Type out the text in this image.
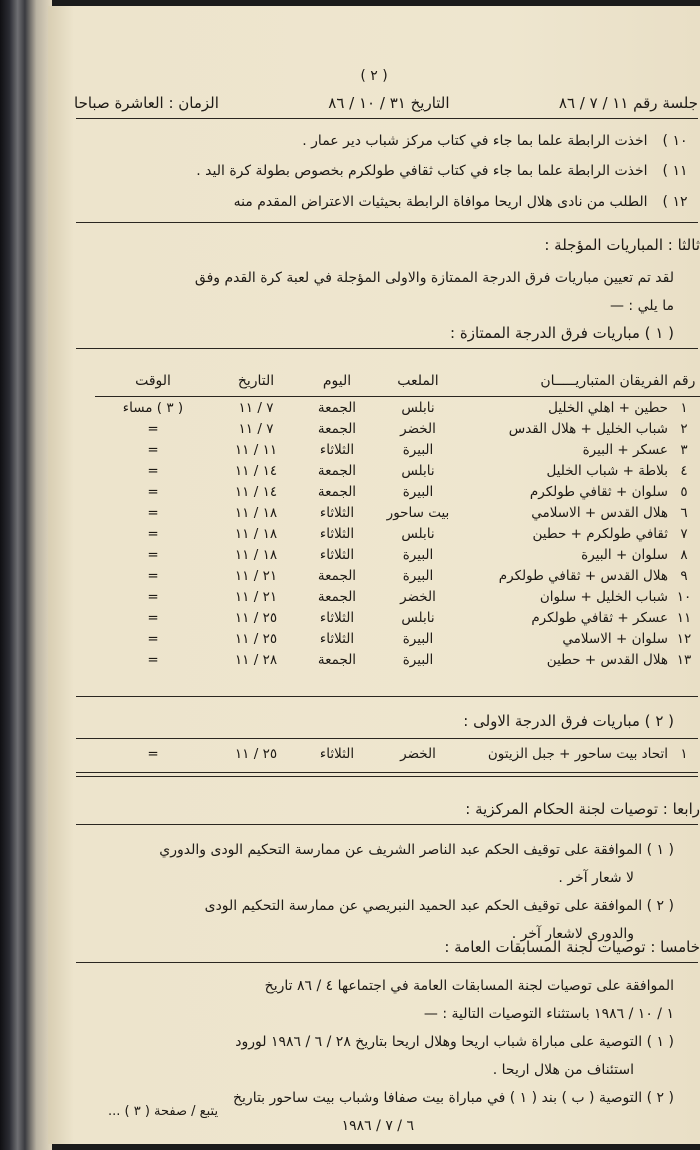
( ٢ )
جلسة رقم ١١ / ٧ / ٨٦
التاريخ ٣١ / ١٠ / ٨٦
الزمان : العاشرة صباحا
١٠ ) اخذت الرابطة علما بما جاء في كتاب مركز شباب دير عمار .
١١ ) اخذت الرابطة علما بما جاء في كتاب ثقافي طولكرم بخصوص بطولة كرة اليد .
١٢ ) الطلب من نادى هلال اريحا موافاة الرابطة بحيثيات الاعتراض المقدم منه
ثالثا : المباريات المؤجلة :
لقد تم تعيين مباريات فرق الدرجة الممتازة والاولى المؤجلة في لعبة كرة القدم وفق
ما يلي : —
( ١ ) مباريات فرق الدرجة الممتازة :
رقم	الفريقان المتباريـــــان	الملعب	اليوم	التاريخ	الوقت
١	حطين + اهلي الخليل	نابلس	الجمعة	٧ / ١١	( ٣ ) مساء
٢	شباب الخليل + هلال القدس	الخضر	الجمعة	٧ / ١١	=
٣	عسكر + البيرة	البيرة	الثلاثاء	١١ / ١١	=
٤	بلاطة + شباب الخليل	نابلس	الجمعة	١٤ / ١١	=
٥	سلوان + ثقافي طولكرم	البيرة	الجمعة	١٤ / ١١	=
٦	هلال القدس + الاسلامي	بيت ساحور	الثلاثاء	١٨ / ١١	=
٧	ثقافي طولكرم + حطين	نابلس	الثلاثاء	١٨ / ١١	=
٨	سلوان + البيرة	البيرة	الثلاثاء	١٨ / ١١	=
٩	هلال القدس + ثقافي طولكرم	البيرة	الجمعة	٢١ / ١١	=
١٠	شباب الخليل + سلوان	الخضر	الجمعة	٢١ / ١١	=
١١	عسكر + ثقافي طولكرم	نابلس	الثلاثاء	٢٥ / ١١	=
١٢	سلوان + الاسلامي	البيرة	الثلاثاء	٢٥ / ١١	=
١٣	هلال القدس + حطين	البيرة	الجمعة	٢٨ / ١١	=
( ٢ ) مباريات فرق الدرجة الاولى :
١	اتحاد بيت ساحور + جبل الزيتون	الخضر	الثلاثاء	٢٥ / ١١	=
رابعا : توصيات لجنة الحكام المركزية :
( ١ ) الموافقة على توقيف الحكم عبد الناصر الشريف عن ممارسة التحكيم الودى والدوري
لا شعار آخر .
( ٢ ) الموافقة على توقيف الحكم عبد الحميد النبريصي عن ممارسة التحكيم الودى
والدورى لاشعار آخر .
خامسا : توصيات لجنة المسابقات العامة :
الموافقة على توصيات لجنة المسابقات العامة في اجتماعها ٤ / ٨٦ تاريخ
١ / ١٠ / ١٩٨٦ باستثناء التوصيات التالية : —
( ١ ) التوصية على مباراة شباب اريحا وهلال اريحا بتاريخ ٢٨ / ٦ / ١٩٨٦ لورود
استئناف من هلال اريحا .
( ٢ ) التوصية ( ب ) بند ( ١ ) في مباراة بيت صفافا وشباب بيت ساحور بتاريخ
٦ / ٧ / ١٩٨٦
يتبع / صفحة ( ٣ ) ...
